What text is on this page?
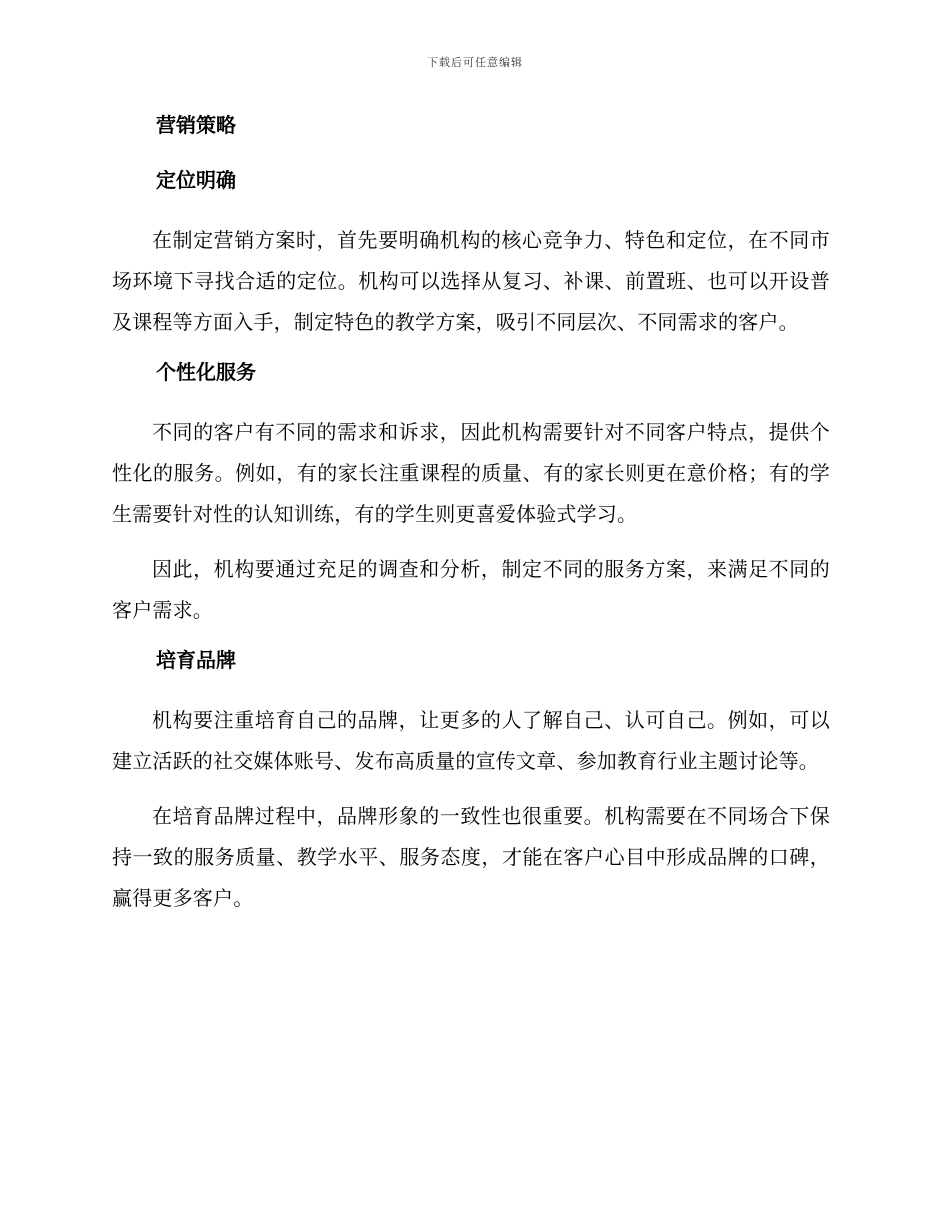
下载后可任意编辑
营销策略
定位明确

在制定营销方案时，首先要明确机构的核心竞争力、特色和定位，在不同市场环境下寻找合适的定位。机构可以选择从复习、补课、前置班、也可以开设普及课程等方面入手，制定特色的教学方案，吸引不同层次、不同需求的客户。

个性化服务

不同的客户有不同的需求和诉求，因此机构需要针对不同客户特点，提供个性化的服务。例如，有的家长注重课程的质量、有的家长则更在意价格；有的学生需要针对性的认知训练，有的学生则更喜爱体验式学习。

因此，机构要通过充足的调查和分析，制定不同的服务方案，来满足不同的客户需求。

培育品牌

机构要注重培育自己的品牌，让更多的人了解自己、认可自己。例如，可以建立活跃的社交媒体账号、发布高质量的宣传文章、参加教育行业主题讨论等。

在培育品牌过程中，品牌形象的一致性也很重要。机构需要在不同场合下保持一致的服务质量、教学水平、服务态度，才能在客户心目中形成品牌的口碑，赢得更多客户。
